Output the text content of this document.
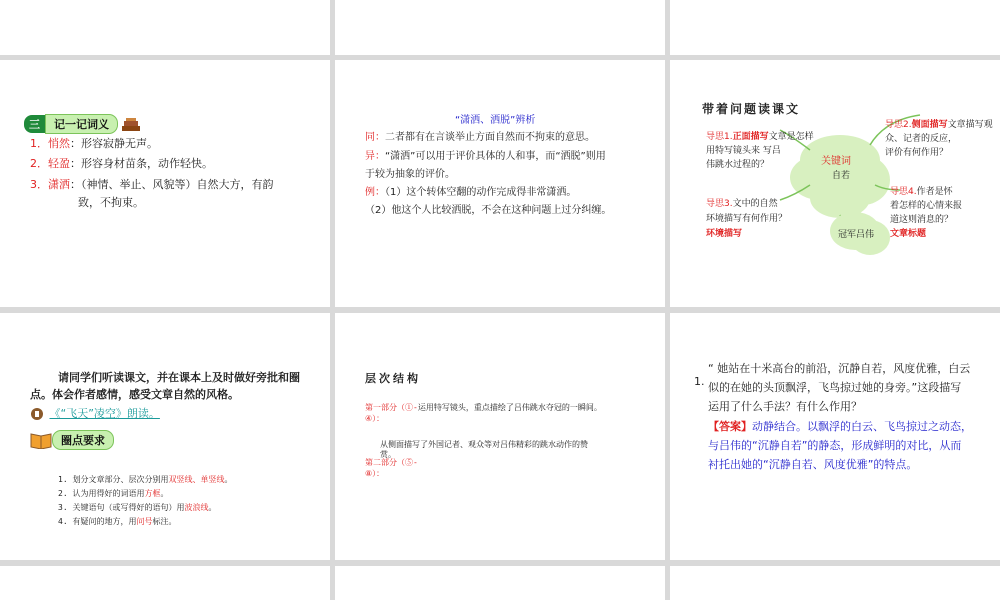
三	记一记词义
1．悄然：形容寂静无声。
2．轻盈：形容身材苗条，动作轻快。
3．潇洒：（神情、举止、风貌等）自然大方，有韵
致，不拘束。
“潇洒、洒脱”辨析
同：二者都有在言谈举止方面自然而不拘束的意思。
异：“潇洒”可以用于评价具体的人和事，而“洒脱”则用
于较为抽象的评价。
例：（1）这个转体空翻的动作完成得非常潇洒。
（2）他这个人比较洒脱，不会在这种问题上过分纠缠。
带着问题读课文
关键词
自若
导思1.正面描写文章是怎样
用特写镜头来 写吕
伟跳水过程的？
导思2.侧面描写文章描写观
众、记者的反应，
评价有何作用？
导思3.文中的自然
环境描写有何作用？
环境描写
导思4.作者是怀
着怎样的心情来报
道这则消息的？
文章标题
冠军吕伟
请同学们听读课文，并在课本上及时做好旁批和圈
点。体会作者感情，感受文章自然的风格。
《“飞天”凌空》朗读。
圈点要求
1. 划分文章部分、层次分别用双竖线、单竖线。
2. 认为用得好的词语用方框。
3. 关键语句（或写得好的语句）用波浪线。
4. 有疑问的地方，用问号标注。
层次结构
第一部分（①-运用特写镜头，重点描绘了吕伟跳水夺冠的一瞬间。
④）：
从侧面描写了外国记者、观众等对吕伟精彩的跳水动作的赞
赏。
第二部分（⑤-
⑧）：
1.
“ 她站在十米高台的前沿，沉静自若，风度优雅，白云
似的在她的头顶飘浮，飞鸟掠过她的身旁。”这段描写
运用了什么手法？有什么作用？
【答案】动静结合。以飘浮的白云、飞鸟掠过之动态，
与吕伟的“沉静自若”的静态，形成鲜明的对比，从而
衬托出她的“沉静自若、风度优雅”的特点。
